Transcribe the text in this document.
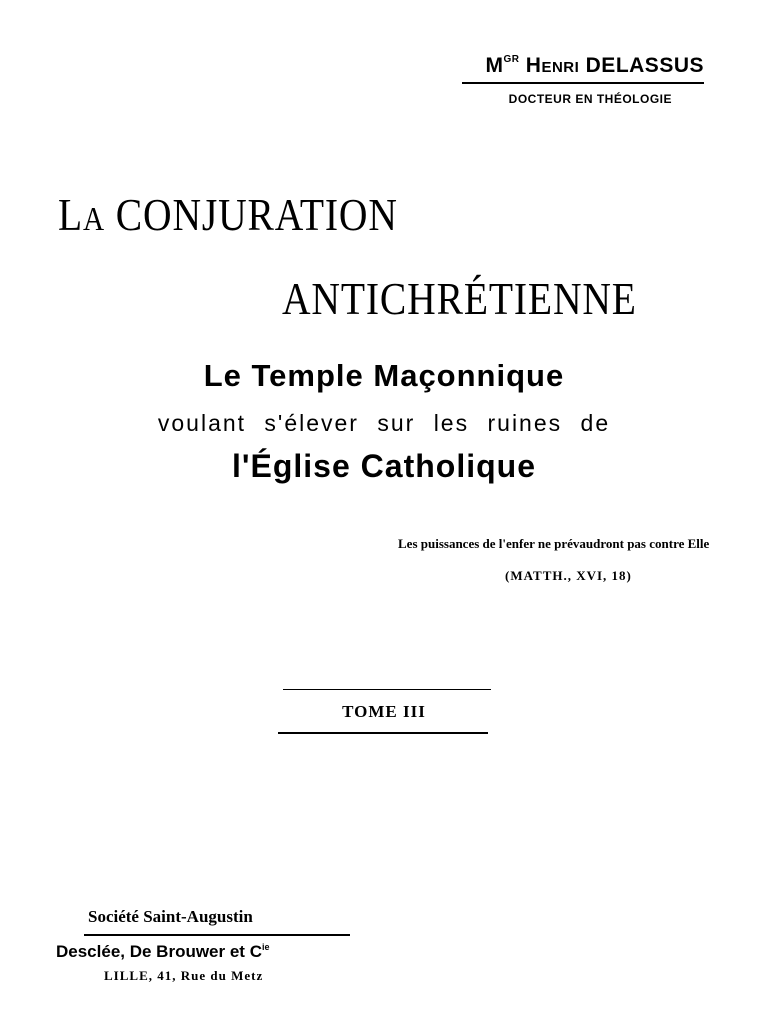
$M^{GR}$ HENRI DELASSUS
DOCTEUR EN THÉOLOGIE
LA CONJURATION
ANTICHRÉTIENNE
Le Temple Maçonnique
voulant s'élever sur les ruines de
l'Église Catholique
Les puissances de l'enfer ne prévaudront pas contre Elle
(MATTH., XVI, 18)
TOME III
Société Saint-Augustin
Desclée, De Brouwer et $C^{ie}$
LILLE, 41, Rue du Metz
